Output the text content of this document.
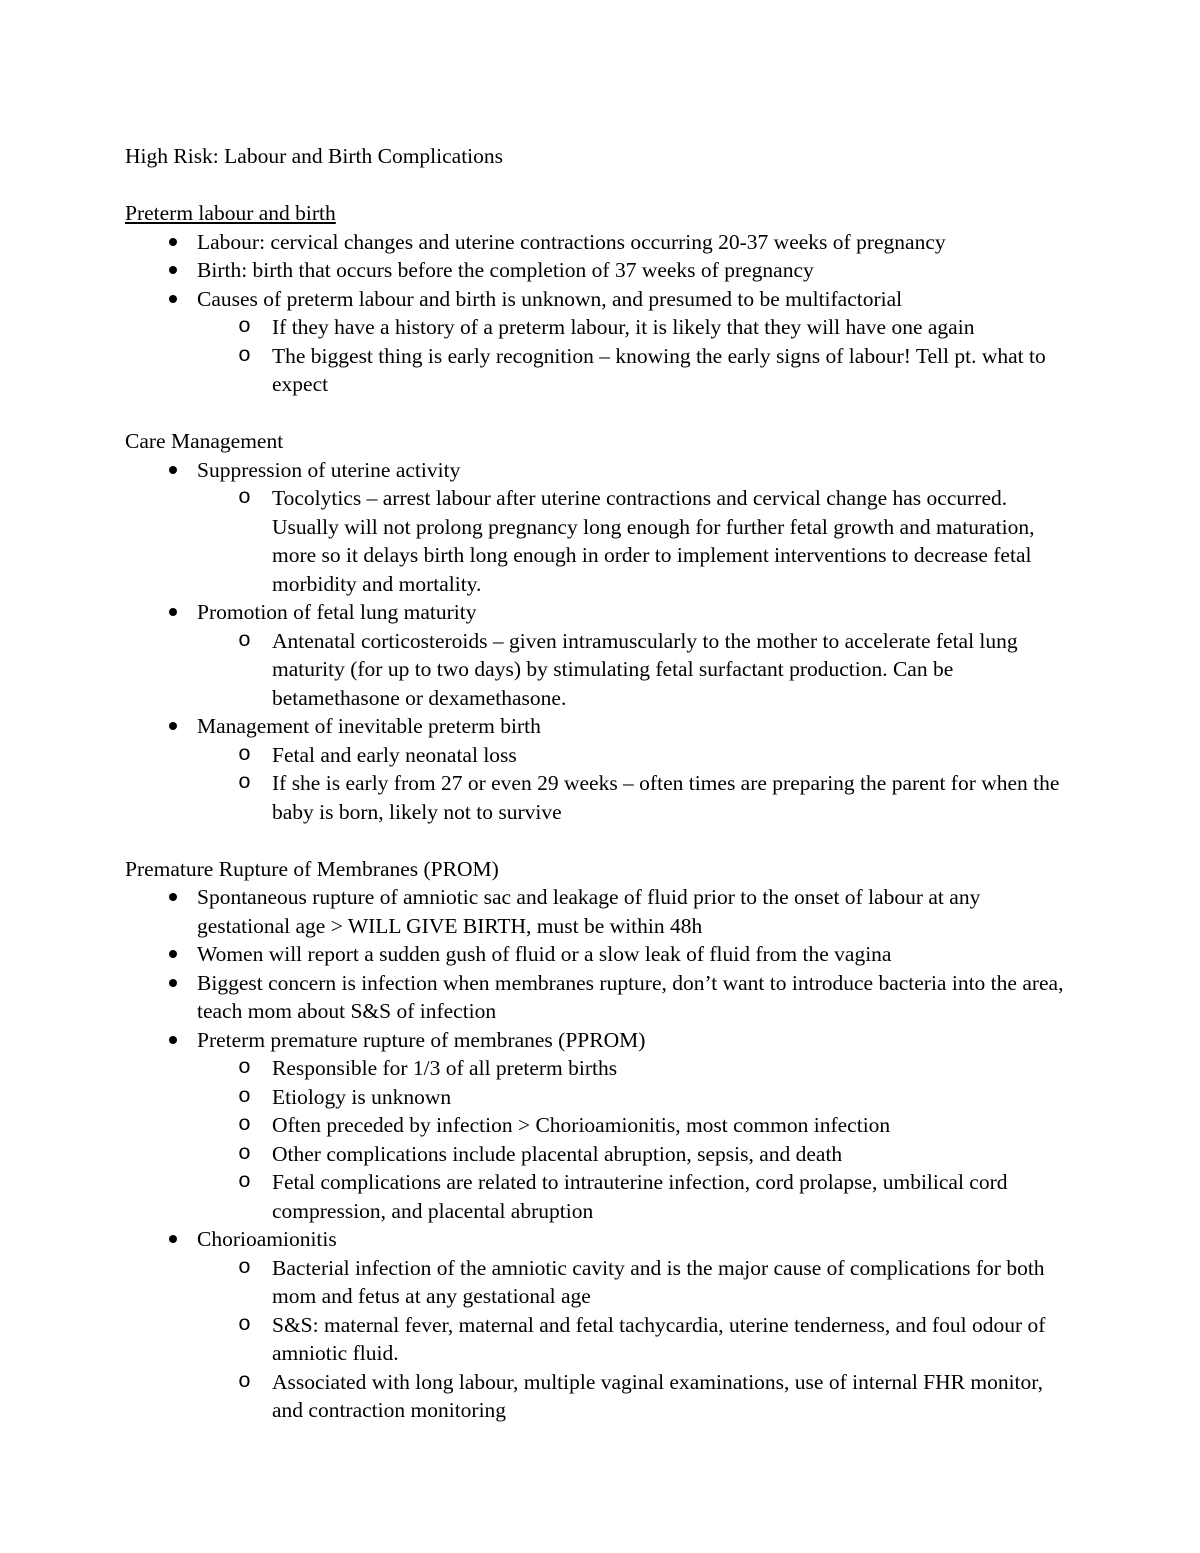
High Risk: Labour and Birth Complications

Preterm labour and birth

Labour: cervical changes and uterine contractions occurring 20-37 weeks of pregnancy
Birth: birth that occurs before the completion of 37 weeks of pregnancy
Causes of preterm labour and birth is unknown, and presumed to be multifactorial
o If they have a history of a preterm labour, it is likely that they will have one again
o The biggest thing is early recognition – knowing the early signs of labour! Tell pt. what to expect

Care Management

Suppression of uterine activity
o Tocolytics – arrest labour after uterine contractions and cervical change has occurred. Usually will not prolong pregnancy long enough for further fetal growth and maturation, more so it delays birth long enough in order to implement interventions to decrease fetal morbidity and mortality.
Promotion of fetal lung maturity
o Antenatal corticosteroids – given intramuscularly to the mother to accelerate fetal lung maturity (for up to two days) by stimulating fetal surfactant production. Can be betamethasone or dexamethasone.
Management of inevitable preterm birth
o Fetal and early neonatal loss
o If she is early from 27 or even 29 weeks – often times are preparing the parent for when the baby is born, likely not to survive

Premature Rupture of Membranes (PROM)

Spontaneous rupture of amniotic sac and leakage of fluid prior to the onset of labour at any gestational age > WILL GIVE BIRTH, must be within 48h
Women will report a sudden gush of fluid or a slow leak of fluid from the vagina
Biggest concern is infection when membranes rupture, don’t want to introduce bacteria into the area, teach mom about S&S of infection
Preterm premature rupture of membranes (PPROM)
o Responsible for 1/3 of all preterm births
o Etiology is unknown
o Often preceded by infection > Chorioamionitis, most common infection
o Other complications include placental abruption, sepsis, and death
o Fetal complications are related to intrauterine infection, cord prolapse, umbilical cord compression, and placental abruption
Chorioamionitis
o Bacterial infection of the amniotic cavity and is the major cause of complications for both mom and fetus at any gestational age
o S&S: maternal fever, maternal and fetal tachycardia, uterine tenderness, and foul odour of amniotic fluid.
o Associated with long labour, multiple vaginal examinations, use of internal FHR monitor, and contraction monitoring
